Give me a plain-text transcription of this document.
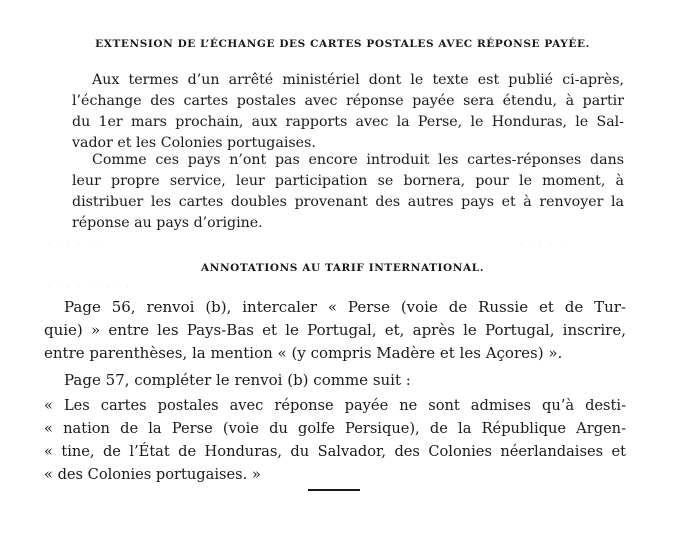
· · · · · ·	· · · · ·
· · · · · · · · ·
EXTENSION DE L’ÉCHANGE DES CARTES POSTALES AVEC RÉPONSE PAYÉE.
Aux termes d’un arrêté ministériel dont le texte est publié ci-après,
l’échange des cartes postales avec réponse payée sera étendu, à partir
du 1er mars prochain, aux rapports avec la Perse, le Honduras, le Sal-
vador et les Colonies portugaises.
Comme ces pays n’ont pas encore introduit les cartes-réponses dans
leur propre service, leur participation se bornera, pour le moment, à
distribuer les cartes doubles provenant des autres pays et à renvoyer la
réponse au pays d’origine.
ANNOTATIONS AU TARIF INTERNATIONAL.
Page 56, renvoi (b), intercaler « Perse (voie de Russie et de Tur-
quie) » entre les Pays-Bas et le Portugal, et, après le Portugal, inscrire,
entre parenthèses, la mention « (y compris Madère et les Açores) ».
Page 57, compléter le renvoi (b) comme suit :
« Les cartes postales avec réponse payée ne sont admises qu’à desti-
« nation de la Perse (voie du golfe Persique), de la République Argen-
« tine, de l’État de Honduras, du Salvador, des Colonies néerlandaises et
« des Colonies portugaises. »
